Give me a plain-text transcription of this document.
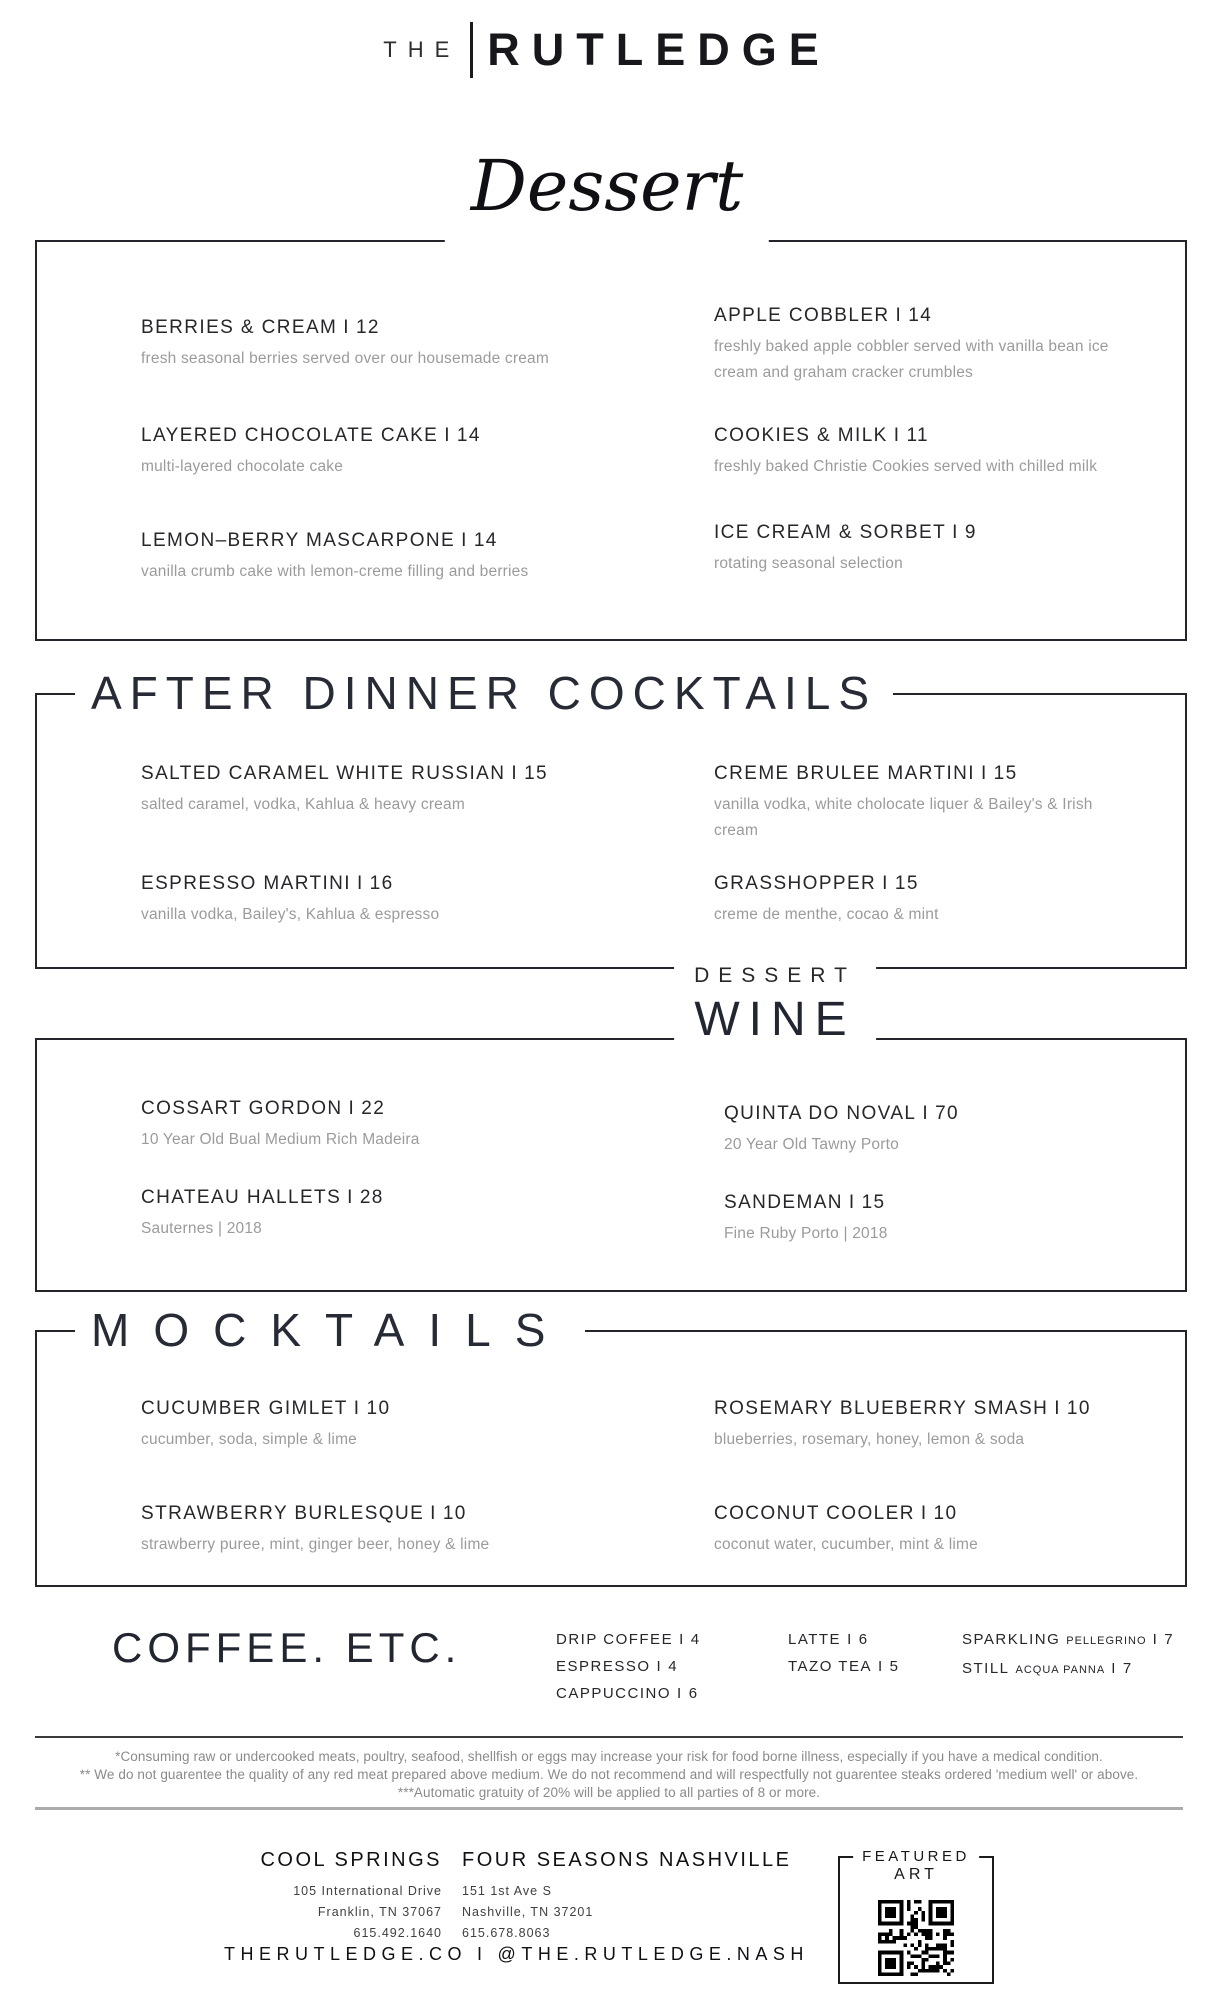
THE RUTLEDGE
Dessert
BERRIES & CREAM I 12
fresh seasonal berries served over our housemade cream
LAYERED CHOCOLATE CAKE I 14
multi-layered chocolate cake
LEMON–BERRY MASCARPONE I 14
vanilla crumb cake with lemon-creme filling and berries
APPLE COBBLER I 14
freshly baked apple cobbler served with vanilla bean ice cream and graham cracker crumbles
COOKIES & MILK I 11
freshly baked Christie Cookies served with chilled milk
ICE CREAM & SORBET I 9
rotating seasonal selection
AFTER DINNER COCKTAILS
SALTED CARAMEL WHITE RUSSIAN I 15
salted caramel, vodka, Kahlua & heavy cream
ESPRESSO MARTINI I 16
vanilla vodka, Bailey's, Kahlua & espresso
CREME BRULEE MARTINI I 15
vanilla vodka, white cholocate liquer & Bailey's & Irish cream
GRASSHOPPER I 15
creme de menthe, cocao & mint
DESSERT
WINE
COSSART GORDON I 22
10 Year Old Bual Medium Rich Madeira
CHATEAU HALLETS I 28
Sauternes | 2018
QUINTA DO NOVAL I 70
20 Year Old Tawny Porto
SANDEMAN I 15
Fine Ruby Porto | 2018
MOCKTAILS
CUCUMBER GIMLET I 10
cucumber, soda, simple & lime
STRAWBERRY BURLESQUE I 10
strawberry puree, mint, ginger beer, honey & lime
ROSEMARY BLUEBERRY SMASH I 10
blueberries, rosemary, honey, lemon & soda
COCONUT COOLER I 10
coconut water, cucumber, mint & lime
COFFEE. ETC.	DRIP COFFEE I 4
ESPRESSO I 4
CAPPUCCINO I 6
LATTE I 6
TAZO TEA I 5
SPARKLING PELLEGRINO I 7
STILL ACQUA PANNA I 7
*Consuming raw or undercooked meats, poultry, seafood, shellfish or eggs may increase your risk for food borne illness, especially if you have a medical condition.
** We do not guarentee the quality of any red meat prepared above medium. We do not recommend and will respectfully not guarentee steaks ordered 'medium well' or above.
***Automatic gratuity of 20% will be applied to all parties of 8 or more.
COOL SPRINGS
105 International Drive
Franklin, TN 37067
615.492.1640
FOUR SEASONS NASHVILLE
151 1st Ave S
Nashville, TN 37201
615.678.8063
THERUTLEDGE.CO I @THE.RUTLEDGE.NASH
FEATURED
ART
